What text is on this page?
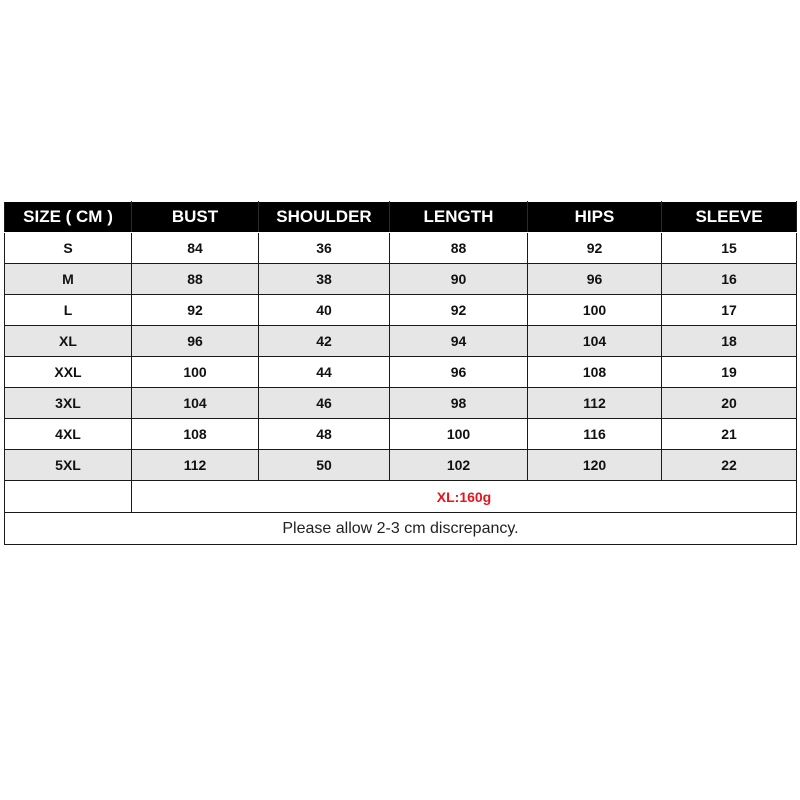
SIZE ( CM )	BUST	SHOULDER	LENGTH	HIPS	SLEEVE
S	84	36	88	92	15
M	88	38	90	96	16
L	92	40	92	100	17
XL	96	42	94	104	18
XXL	100	44	96	108	19
3XL	104	46	98	112	20
4XL	108	48	100	116	21
5XL	112	50	102	120	22
	XL:160g				
Please allow 2-3 cm discrepancy.					
